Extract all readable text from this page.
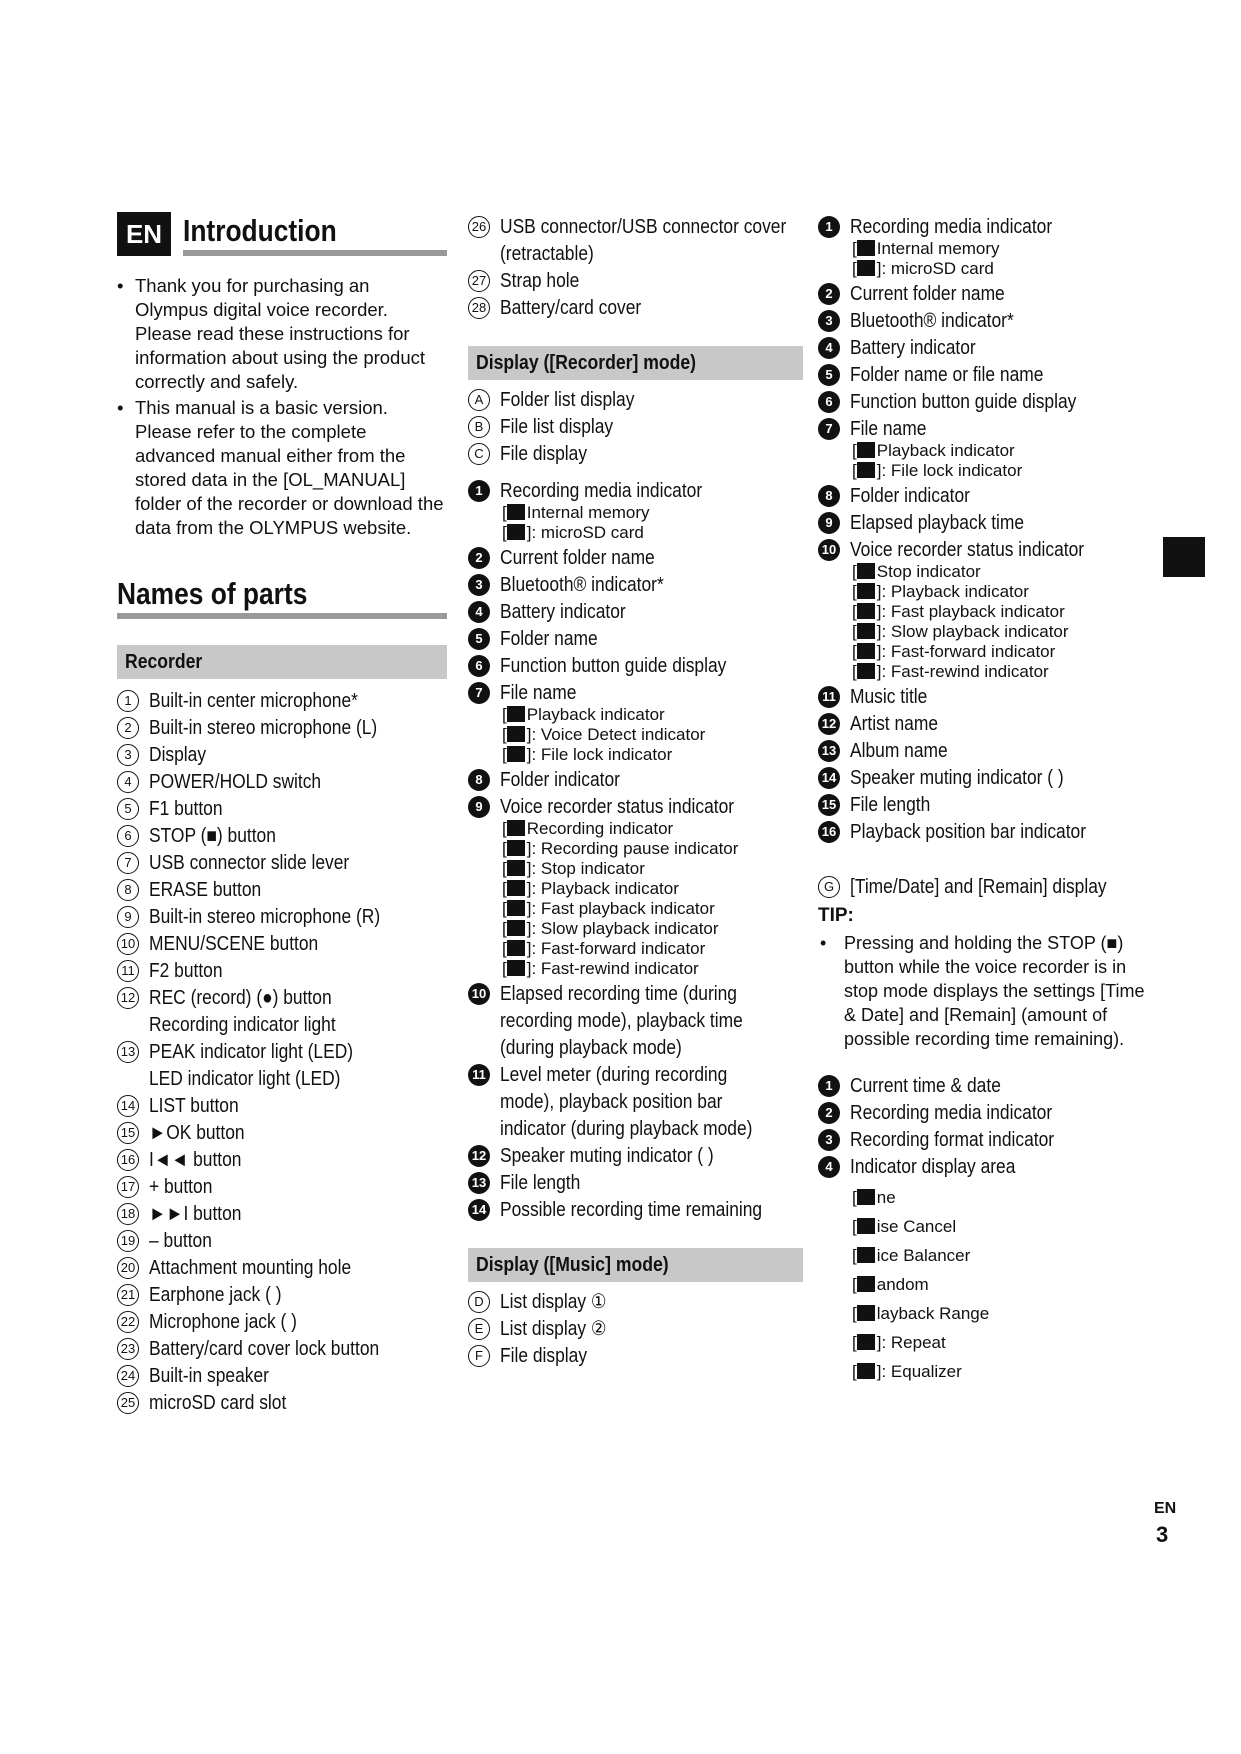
EN Introduction
• Thank you for purchasing an Olympus digital voice recorder. Please read these instructions for information about using the product correctly and safely.
• This manual is a basic version. Please refer to the complete advanced manual either from the stored data in the [OL_MANUAL] folder of the recorder or download the data from the OLYMPUS website.
Names of parts
Recorder
1 Built-in center microphone*
2 Built-in stereo microphone (L)
3 Display
4 POWER/HOLD switch
5 F1 button
6 STOP (■) button
7 USB connector slide lever
8 ERASE button
9 Built-in stereo microphone (R)
10 MENU/SCENE button
11 F2 button
12 REC (record) (●) button
Recording indicator light
13 PEAK indicator light (LED)
LED indicator light (LED)
14 LIST button
15 ►OK button
16 I◄◄ button
17 + button
18 ►►I button
19 – button
20 Attachment mounting hole
21 Earphone jack ( )
22 Microphone jack ( )
23 Battery/card cover lock button
24 Built-in speaker
25 microSD card slot
26 USB connector/USB connector cover
(retractable)
27 Strap hole
28 Battery/card cover
Display ([Recorder] mode)
A Folder list display
B File list display
C File display
1 Recording media indicator
[ Internal memory
[ ]: microSD card
2 Current folder name
3 Bluetooth® indicator*
4 Battery indicator
5 Folder name
6 Function button guide display
7 File name
[ Playback indicator
[ ]: Voice Detect indicator
[ ]: File lock indicator
8 Folder indicator
9 Voice recorder status indicator
[ Recording indicator
[ ]: Recording pause indicator
[ ]: Stop indicator
[ ]: Playback indicator
[ ]: Fast playback indicator
[ ]: Slow playback indicator
[ ]: Fast-forward indicator
[ ]: Fast-rewind indicator
10 Elapsed recording time (during
recording mode), playback time
(during playback mode)
11 Level meter (during recording
mode), playback position bar
indicator (during playback mode)
12 Speaker muting indicator ( )
13 File length
14 Possible recording time remaining
Display ([Music] mode)
D List display ①
E List display ②
F File display
1 Recording media indicator
[ Internal memory
[ ]: microSD card
2 Current folder name
3 Bluetooth® indicator*
4 Battery indicator
5 Folder name or file name
6 Function button guide display
7 File name
[ Playback indicator
[ ]: File lock indicator
8 Folder indicator
9 Elapsed playback time
10 Voice recorder status indicator
[ Stop indicator
[ ]: Playback indicator
[ ]: Fast playback indicator
[ ]: Slow playback indicator
[ ]: Fast-forward indicator
[ ]: Fast-rewind indicator
11 Music title
12 Artist name
13 Album name
14 Speaker muting indicator ( )
15 File length
16 Playback position bar indicator
G [Time/Date] and [Remain] display
TIP:
• Pressing and holding the STOP (■) button while the voice recorder is in stop mode displays the settings [Time & Date] and [Remain] (amount of possible recording time remaining).
1 Current time & date
2 Recording media indicator
3 Recording format indicator
4 Indicator display area
[ ne
[ ise Cancel
[ ice Balancer
[ andom
[ layback Range
[ ]: Repeat
[ ]: Equalizer
EN
3
